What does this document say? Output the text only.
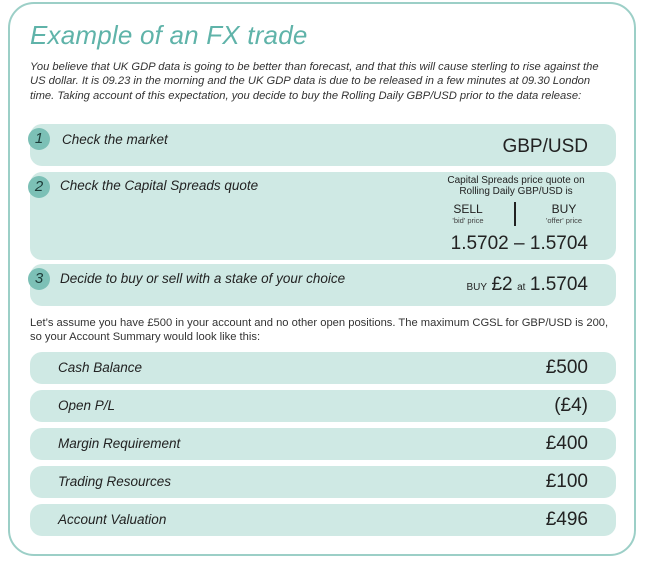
Example of an FX trade

You believe that UK GDP data is going to be better than forecast, and that this will cause sterling to rise against the US dollar. It is 09.23 in the morning and the UK GDP data is due to be released in a few minutes at 09.30 London time. Taking account of this expectation, you decide to buy the Rolling Daily GBP/USD prior to the data release:

1	Check the market	GBP/USD
2	Check the Capital Spreads quote	Capital Spreads price quote on Rolling Daily GBP/USD is
SELL
'bid' price
BUY
'offer' price
1.5702 – 1.5704
3	Decide to buy or sell with a stake of your choice
BUY £2 at 1.5704

Let’s assume you have £500 in your account and no other open positions. The maximum CGSL for GBP/USD is 200, so your Account Summary would look like this:

Cash Balance	£500
Open P/L	(£4)
Margin Requirement	£400
Trading Resources	£100
Account Valuation	£496
